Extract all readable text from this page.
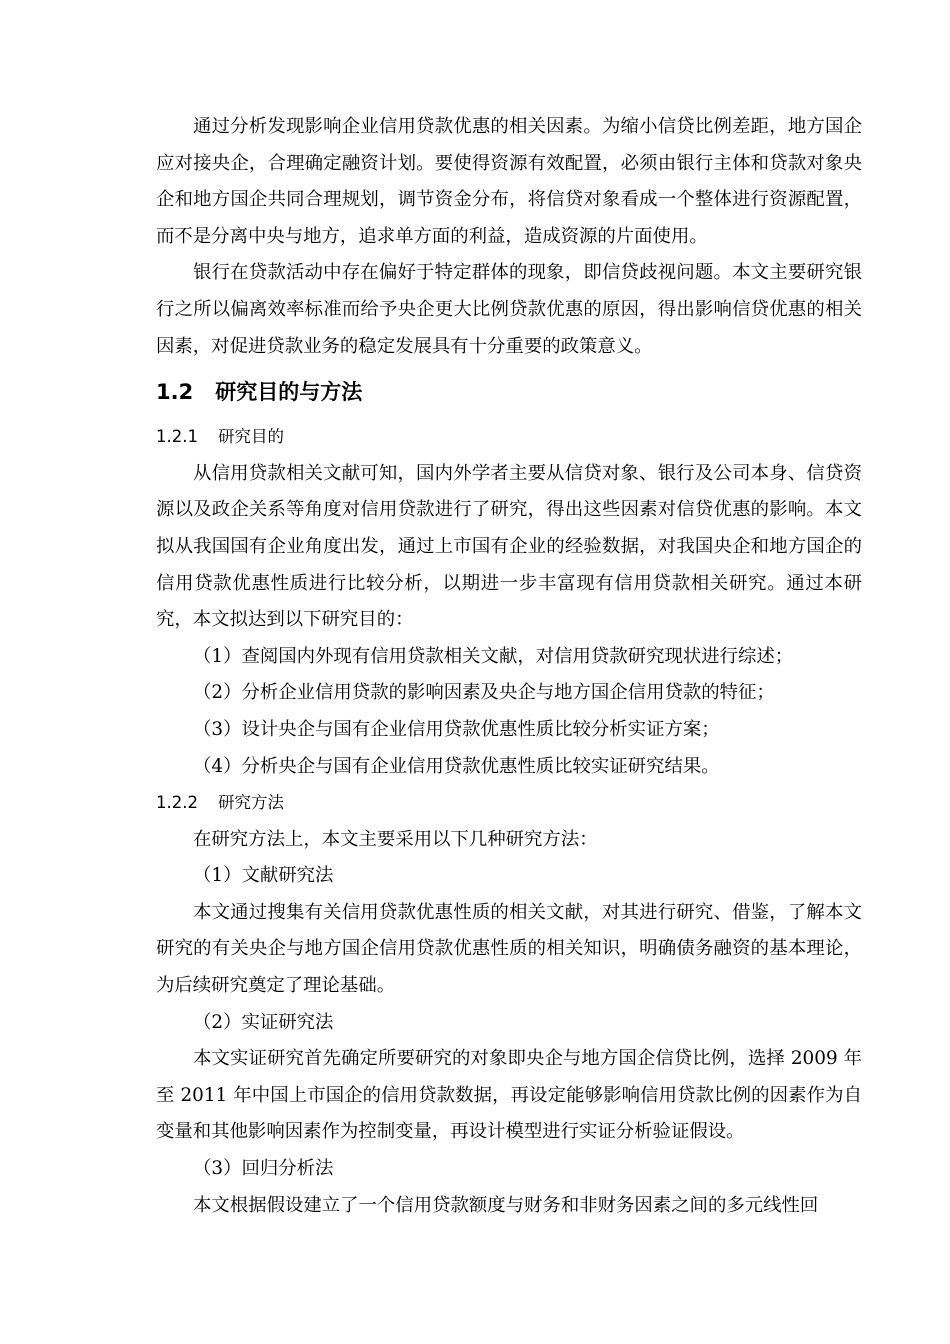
通过分析发现影响企业信用贷款优惠的相关因素。为缩小信贷比例差距，地方国企应对接央企，合理确定融资计划。要使得资源有效配置，必须由银行主体和贷款对象央企和地方国企共同合理规划，调节资金分布，将信贷对象看成一个整体进行资源配置，而不是分离中央与地方，追求单方面的利益，造成资源的片面使用。

银行在贷款活动中存在偏好于特定群体的现象，即信贷歧视问题。本文主要研究银行之所以偏离效率标准而给予央企更大比例贷款优惠的原因，得出影响信贷优惠的相关因素，对促进贷款业务的稳定发展具有十分重要的政策意义。

1.2 研究目的与方法
1.2.1 研究目的

从信用贷款相关文献可知，国内外学者主要从信贷对象、银行及公司本身、信贷资源以及政企关系等角度对信用贷款进行了研究，得出这些因素对信贷优惠的影响。本文拟从我国国有企业角度出发，通过上市国有企业的经验数据，对我国央企和地方国企的信用贷款优惠性质进行比较分析，以期进一步丰富现有信用贷款相关研究。通过本研究，本文拟达到以下研究目的：

（1）查阅国内外现有信用贷款相关文献，对信用贷款研究现状进行综述；

（2）分析企业信用贷款的影响因素及央企与地方国企信用贷款的特征；

（3）设计央企与国有企业信用贷款优惠性质比较分析实证方案；

（4）分析央企与国有企业信用贷款优惠性质比较实证研究结果。

1.2.2 研究方法

在研究方法上，本文主要采用以下几种研究方法：

（1）文献研究法

本文通过搜集有关信用贷款优惠性质的相关文献，对其进行研究、借鉴，了解本文研究的有关央企与地方国企信用贷款优惠性质的相关知识，明确债务融资的基本理论，为后续研究奠定了理论基础。

（2）实证研究法

本文实证研究首先确定所要研究的对象即央企与地方国企信贷比例，选择 2009 年至 2011 年中国上市国企的信用贷款数据，再设定能够影响信用贷款比例的因素作为自变量和其他影响因素作为控制变量，再设计模型进行实证分析验证假设。

（3）回归分析法

本文根据假设建立了一个信用贷款额度与财务和非财务因素之间的多元线性回
